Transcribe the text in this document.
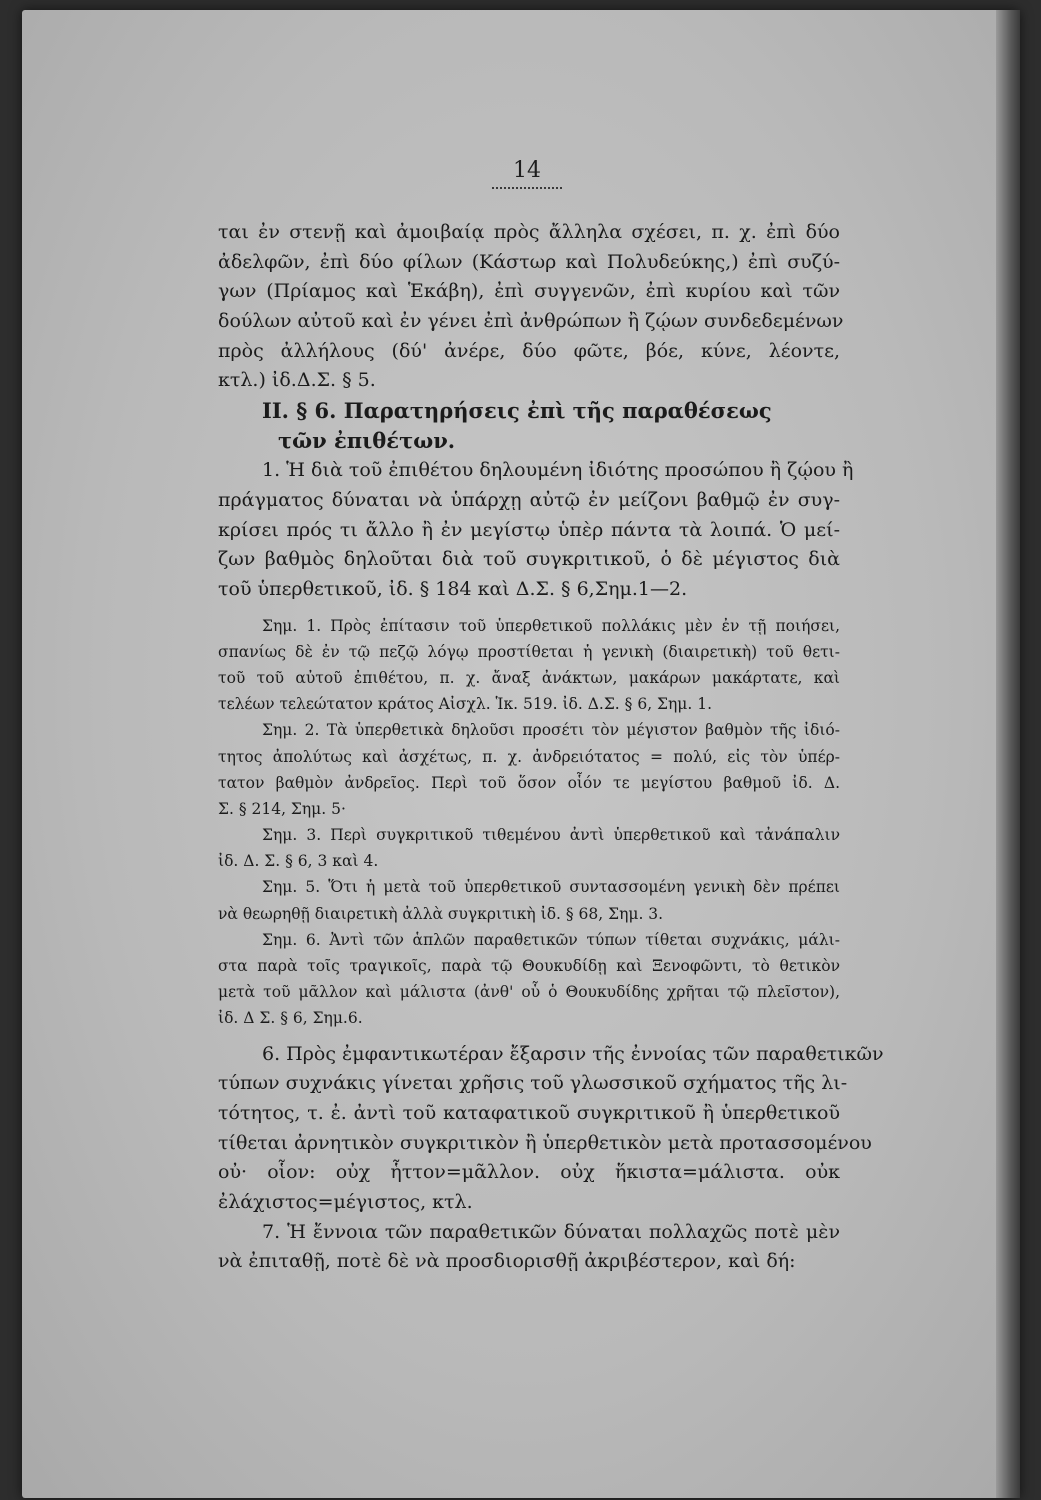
14
ται ἐν στενῇ καὶ ἀμοιβαίᾳ πρὸς ἄλληλα σχέσει, π. χ. ἐπὶ δύο
ἀδελφῶν, ἐπὶ δύο φίλων (Κάστωρ καὶ Πολυδεύκης,) ἐπὶ συζύ-
γων (Πρίαμος καὶ Ἑκάβη), ἐπὶ συγγενῶν, ἐπὶ κυρίου καὶ τῶν
δούλων αὐτοῦ καὶ ἐν γένει ἐπὶ ἀνθρώπων ἢ ζῴων συνδεδεμένων
πρὸς ἀλλήλους (δύ' ἀνέρε, δύο φῶτε, βόε, κύνε, λέοντε,
κτλ.) ἰδ.Δ.Σ. § 5.
II. § 6. Παρατηρήσεις ἐπὶ τῆς παραθέσεως
τῶν ἐπιθέτων.
1. Ἡ διὰ τοῦ ἐπιθέτου δηλουμένη ἰδιότης προσώπου ἢ ζῴου ἢ
πράγματος δύναται νὰ ὑπάρχῃ αὐτῷ ἐν μείζονι βαθμῷ ἐν συγ-
κρίσει πρός τι ἄλλο ἢ ἐν μεγίστῳ ὑπὲρ πάντα τὰ λοιπά. Ὁ μεί-
ζων βαθμὸς δηλοῦται διὰ τοῦ συγκριτικοῦ, ὁ δὲ μέγιστος διὰ
τοῦ ὑπερθετικοῦ, ἰδ. § 184 καὶ Δ.Σ. § 6,Σημ.1—2.
Σημ. 1. Πρὸς ἐπίτασιν τοῦ ὑπερθετικοῦ πολλάκις μὲν ἐν τῇ ποιήσει,
σπανίως δὲ ἐν τῷ πεζῷ λόγῳ προστίθεται ἡ γενικὴ (διαιρετικὴ) τοῦ θετι-
τοῦ τοῦ αὐτοῦ ἐπιθέτου, π. χ. ἄναξ ἀνάκτων, μακάρων μακάρτατε, καὶ
τελέων τελεώτατον κράτος Αἰσχλ. Ἱκ. 519. ἰδ. Δ.Σ. § 6, Σημ. 1.
Σημ. 2. Τὰ ὑπερθετικὰ δηλοῦσι προσέτι τὸν μέγιστον βαθμὸν τῆς ἰδιό-
τητος ἀπολύτως καὶ ἀσχέτως, π. χ. ἀνδρειότατος = πολύ, εἰς τὸν ὑπέρ-
τατον βαθμὸν ἀνδρεῖος. Περὶ τοῦ ὅσον οἷόν τε μεγίστου βαθμοῦ ἰδ. Δ.
Σ. § 214, Σημ. 5·
Σημ. 3. Περὶ συγκριτικοῦ τιθεμένου ἀντὶ ὑπερθετικοῦ καὶ τἀνάπαλιν
ἰδ. Δ. Σ. § 6, 3 καὶ 4.
Σημ. 5. Ὅτι ἡ μετὰ τοῦ ὑπερθετικοῦ συντασσομένη γενικὴ δὲν πρέπει
νὰ θεωρηθῇ διαιρετικὴ ἀλλὰ συγκριτικὴ ἰδ. § 68, Σημ. 3.
Σημ. 6. Ἀντὶ τῶν ἁπλῶν παραθετικῶν τύπων τίθεται συχνάκις, μάλι-
στα παρὰ τοῖς τραγικοῖς, παρὰ τῷ Θουκυδίδῃ καὶ Ξενοφῶντι, τὸ θετικὸν
μετὰ τοῦ μᾶλλον καὶ μάλιστα (ἀνθ' οὗ ὁ Θουκυδίδης χρῆται τῷ πλεῖστον),
ἰδ. Δ Σ. § 6, Σημ.6.
6. Πρὸς ἐμφαντικωτέραν ἔξαρσιν τῆς ἐννοίας τῶν παραθετικῶν
τύπων συχνάκις γίνεται χρῆσις τοῦ γλωσσικοῦ σχήματος τῆς λι-
τότητος, τ. ἐ. ἀντὶ τοῦ καταφατικοῦ συγκριτικοῦ ἢ ὑπερθετικοῦ
τίθεται ἀρνητικὸν συγκριτικὸν ἢ ὑπερθετικὸν μετὰ προτασσομένου
οὐ· οἷον: οὐχ ἧττον=μᾶλλον. οὐχ ἥκιστα=μάλιστα. οὐκ
ἐλάχιστος=μέγιστος, κτλ.
7. Ἡ ἔννοια τῶν παραθετικῶν δύναται πολλαχῶς ποτὲ μὲν
νὰ ἐπιταθῇ, ποτὲ δὲ νὰ προσδιορισθῇ ἀκριβέστερον, καὶ δή:
